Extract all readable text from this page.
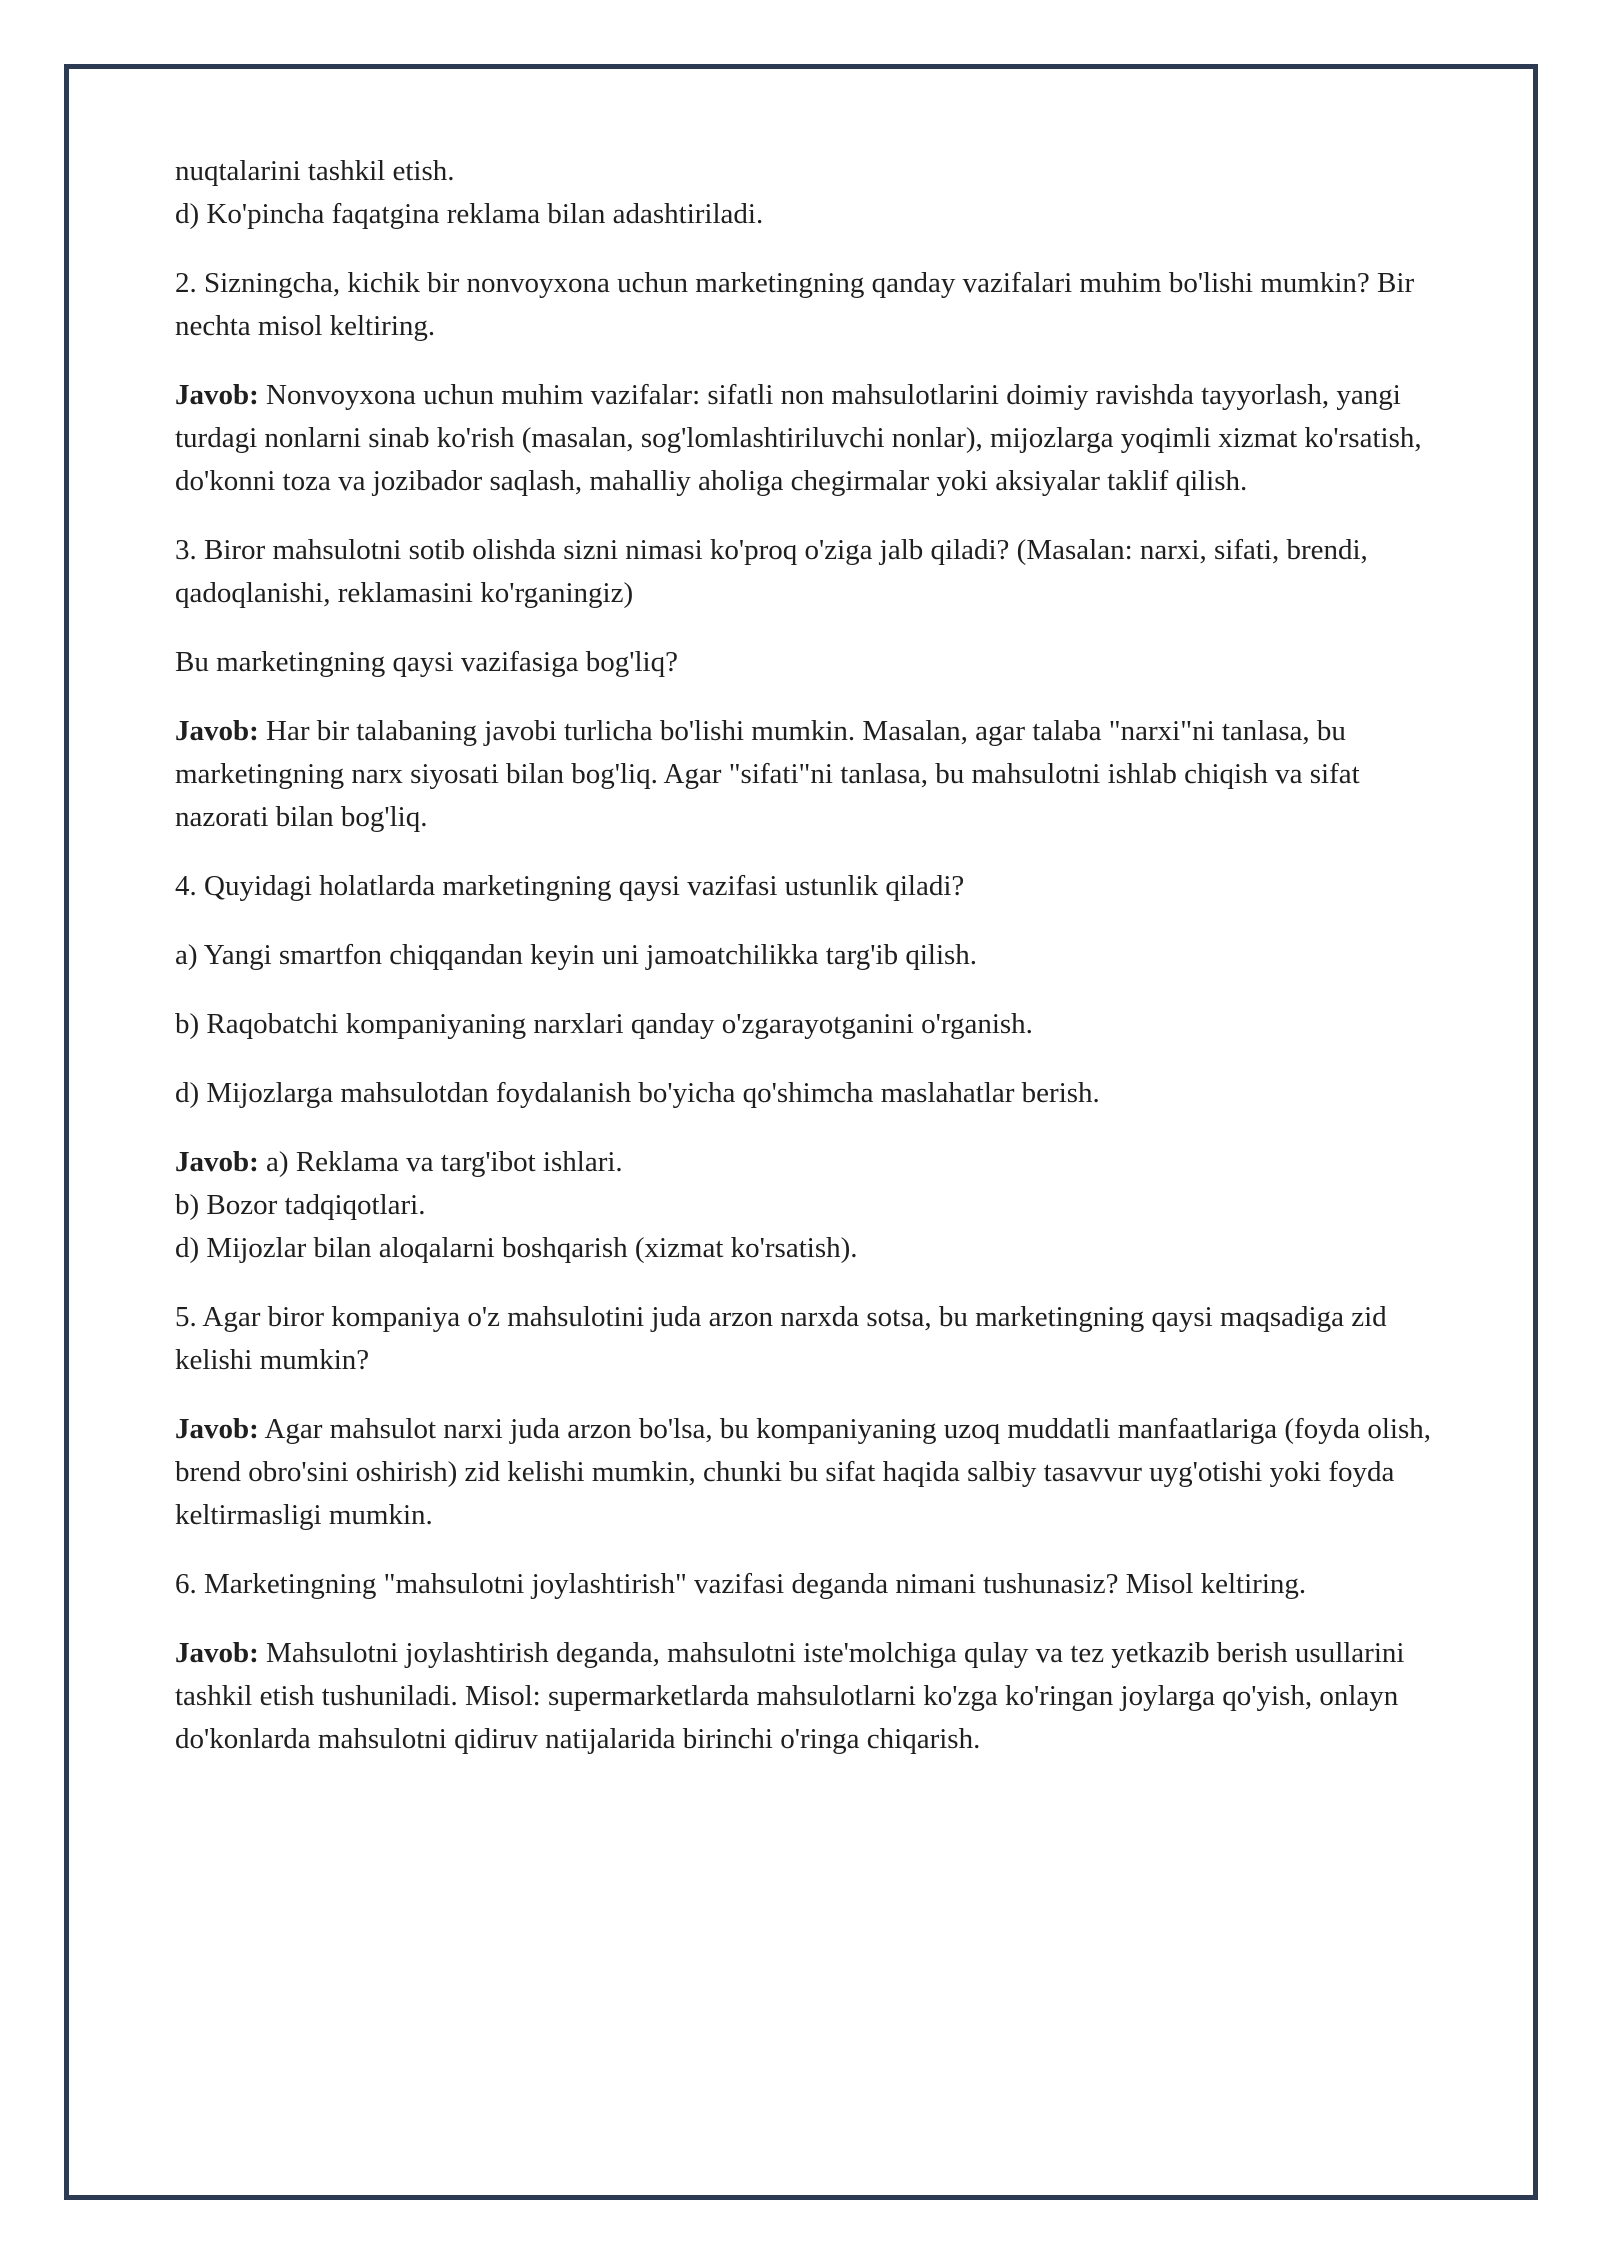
nuqtalarini tashkil etish.
d) Ko'pincha faqatgina reklama bilan adashtiriladi.

2. Sizningcha, kichik bir nonvoyxona uchun marketingning qanday vazifalari muhim bo'lishi mumkin? Bir nechta misol keltiring.

Javob: Nonvoyxona uchun muhim vazifalar: sifatli non mahsulotlarini doimiy ravishda tayyorlash, yangi turdagi nonlarni sinab ko'rish (masalan, sog'lomlashtiriluvchi nonlar), mijozlarga yoqimli xizmat ko'rsatish, do'konni toza va jozibador saqlash, mahalliy aholiga chegirmalar yoki aksiyalar taklif qilish.

3. Biror mahsulotni sotib olishda sizni nimasi ko'proq o'ziga jalb qiladi? (Masalan: narxi, sifati, brendi, qadoqlanishi, reklamasini ko'rganingiz)

Bu marketingning qaysi vazifasiga bog'liq?

Javob: Har bir talabaning javobi turlicha bo'lishi mumkin. Masalan, agar talaba "narxi"ni tanlasa, bu marketingning narx siyosati bilan bog'liq. Agar "sifati"ni tanlasa, bu mahsulotni ishlab chiqish va sifat nazorati bilan bog'liq.

4. Quyidagi holatlarda marketingning qaysi vazifasi ustunlik qiladi?

a) Yangi smartfon chiqqandan keyin uni jamoatchilikka targ'ib qilish.

b) Raqobatchi kompaniyaning narxlari qanday o'zgarayotganini o'rganish.

d) Mijozlarga mahsulotdan foydalanish bo'yicha qo'shimcha maslahatlar berish.

Javob: a) Reklama va targ'ibot ishlari.
b) Bozor tadqiqotlari.
d) Mijozlar bilan aloqalarni boshqarish (xizmat ko'rsatish).

5. Agar biror kompaniya o'z mahsulotini juda arzon narxda sotsa, bu marketingning qaysi maqsadiga zid kelishi mumkin?

Javob: Agar mahsulot narxi juda arzon bo'lsa, bu kompaniyaning uzoq muddatli manfaatlariga (foyda olish, brend obro'sini oshirish) zid kelishi mumkin, chunki bu sifat haqida salbiy tasavvur uyg'otishi yoki foyda keltirmasligi mumkin.

6. Marketingning "mahsulotni joylashtirish" vazifasi deganda nimani tushunasiz? Misol keltiring.

Javob: Mahsulotni joylashtirish deganda, mahsulotni iste'molchiga qulay va tez yetkazib berish usullarini tashkil etish tushuniladi. Misol: supermarketlarda mahsulotlarni ko'zga ko'ringan joylarga qo'yish, onlayn do'konlarda mahsulotni qidiruv natijalarida birinchi o'ringa chiqarish.
